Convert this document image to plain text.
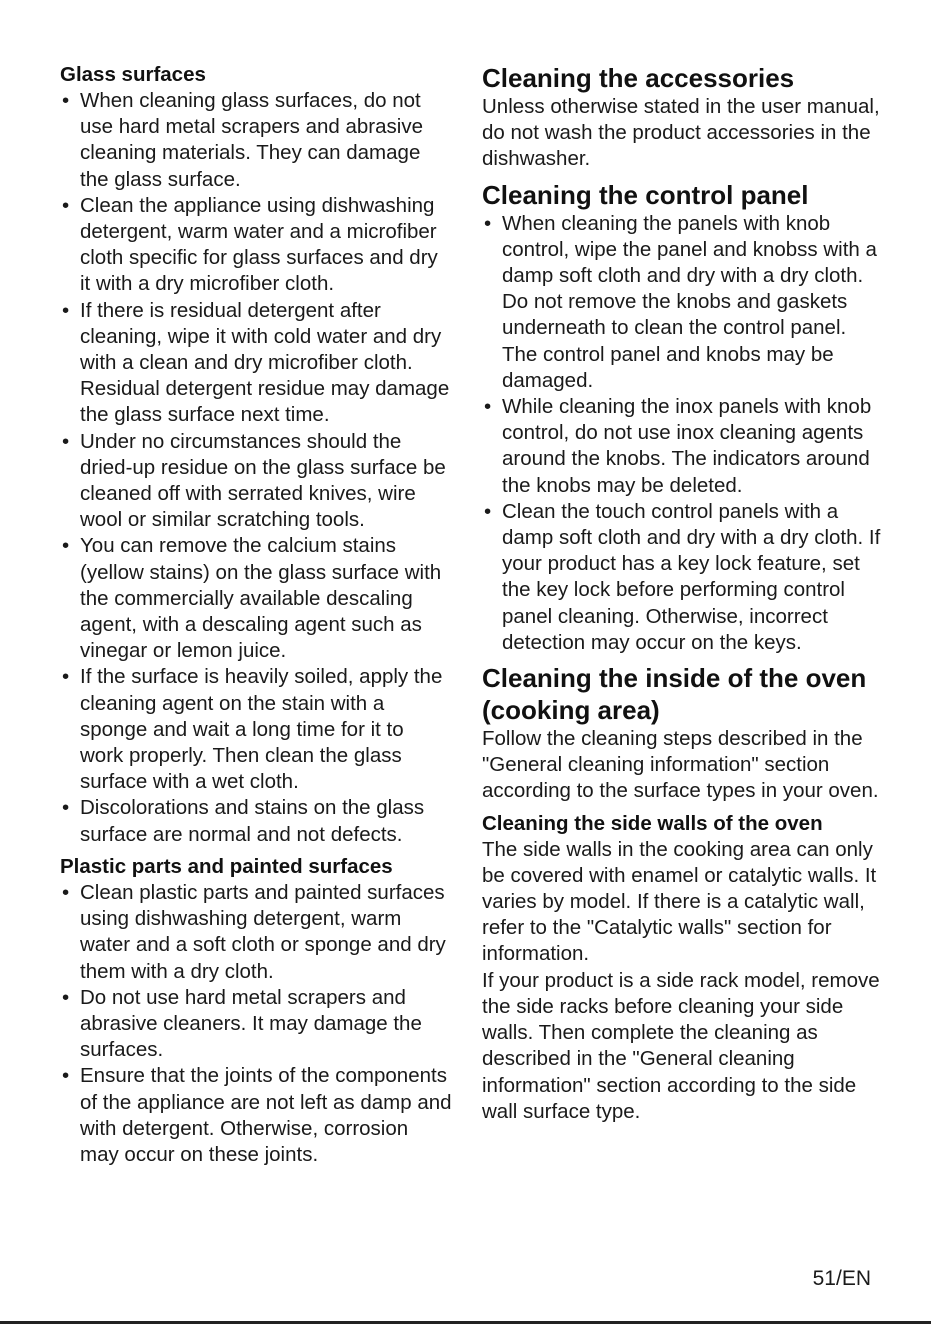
Glass surfaces
• When cleaning glass surfaces, do not use hard metal scrapers and abrasive cleaning materials. They can damage the glass surface.
• Clean the appliance using dishwashing detergent, warm water and a microfiber cloth specific for glass surfaces and dry it with a dry microfiber cloth.
• If there is residual detergent after cleaning, wipe it with cold water and dry with a clean and dry microfiber cloth. Residual detergent residue may damage the glass surface next time.
• Under no circumstances should the dried-up residue on the glass surface be cleaned off with serrated knives, wire wool or similar scratching tools.
• You can remove the calcium stains (yellow stains) on the glass surface with the commercially available descaling agent, with a descaling agent such as vinegar or lemon juice.
• If the surface is heavily soiled, apply the cleaning agent on the stain with a sponge and wait a long time for it to work properly. Then clean the glass surface with a wet cloth.
• Discolorations and stains on the glass surface are normal and not defects.
Plastic parts and painted surfaces
• Clean plastic parts and painted surfaces using dishwashing detergent, warm water and a soft cloth or sponge and dry them with a dry cloth.
• Do not use hard metal scrapers and abrasive cleaners. It may damage the surfaces.
• Ensure that the joints of the components of the appliance are not left as damp and with detergent. Otherwise, corrosion may occur on these joints.
Cleaning the accessories

Unless otherwise stated in the user manual, do not wash the product accessories in the dishwasher.

Cleaning the control panel
• When cleaning the panels with knob control, wipe the panel and knobss with a damp soft cloth and dry with a dry cloth. Do not remove the knobs and gaskets underneath to clean the control panel. The control panel and knobs may be damaged.
• While cleaning the inox panels with knob control, do not use inox cleaning agents around the knobs. The indicators around the knobs may be deleted.
• Clean the touch control panels with a damp soft cloth and dry with a dry cloth. If your product has a key lock feature, set the key lock before performing control panel cleaning. Otherwise, incorrect detection may occur on the keys.
Cleaning the inside of the oven (cooking area)

Follow the cleaning steps described in the "General cleaning information" section according to the surface types in your oven.

Cleaning the side walls of the oven

The side walls in the cooking area can only be covered with enamel or catalytic walls. It varies by model. If there is a catalytic wall, refer to the "Catalytic walls" section for information.

If your product is a side rack model, remove the side racks before cleaning your side walls. Then complete the cleaning as described in the "General cleaning information" section according to the side wall surface type.

51/EN
